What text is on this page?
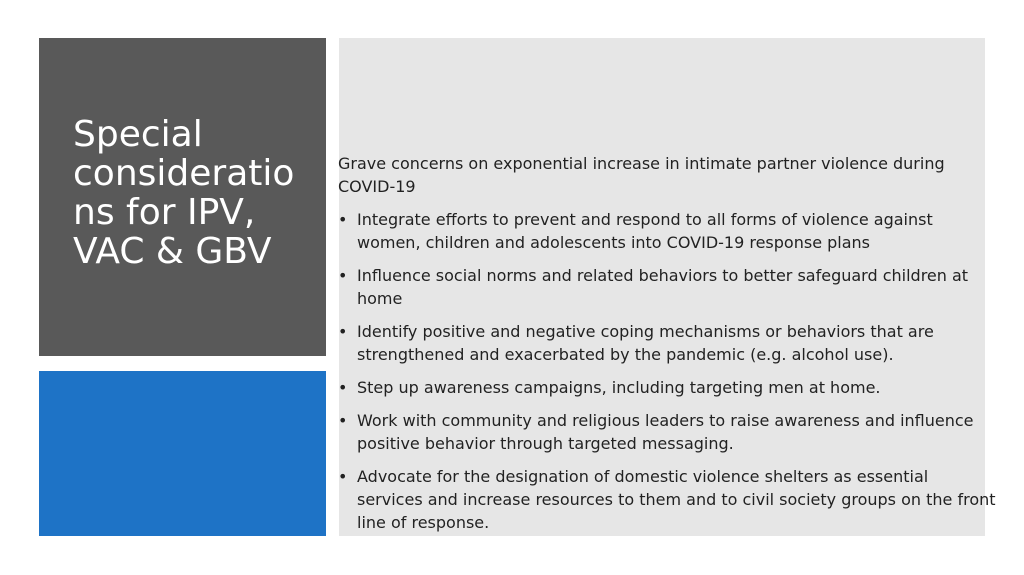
Special
consideratio
ns for IPV,
VAC & GBV

Grave concerns on exponential increase in intimate partner violence during COVID-19

• Integrate efforts to prevent and respond to all forms of violence against women, children and adolescents into COVID-19 response plans
• Influence social norms and related behaviors to better safeguard children at home
• Identify positive and negative coping mechanisms or behaviors that are strengthened and exacerbated by the pandemic (e.g. alcohol use).
• Step up awareness campaigns, including targeting men at home.
• Work with community and religious leaders to raise awareness and influence positive behavior through targeted messaging.
• Advocate for the designation of domestic violence shelters as essential services and increase resources to them and to civil society groups on the front line of response.
